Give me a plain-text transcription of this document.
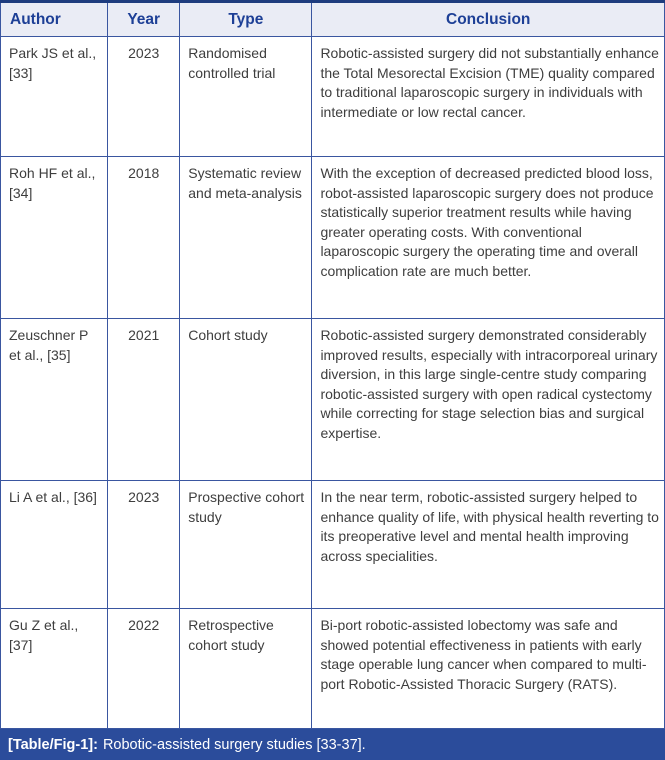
Author	Year	Type	Conclusion
Park JS et al., [33]	2023	Randomised controlled trial	Robotic-assisted surgery did not substantially enhance the Total Mesorectal Excision (TME) quality compared to traditional laparoscopic surgery in individuals with intermediate or low rectal cancer.
Roh HF et al., [34]	2018	Systematic review and meta-analysis	With the exception of decreased predicted blood loss, robot-assisted laparoscopic surgery does not produce statistically superior treatment results while having greater operating costs. With conventional laparoscopic surgery the operating time and overall complication rate are much better.
Zeuschner P et al., [35]	2021	Cohort study	Robotic-assisted surgery demonstrated considerably improved results, especially with intracorporeal urinary diversion, in this large single-centre study comparing robotic-assisted surgery with open radical cystectomy while correcting for stage selection bias and surgical expertise.
Li A et al., [36]	2023	Prospective cohort study	In the near term, robotic-assisted surgery helped to enhance quality of life, with physical health reverting to its preoperative level and mental health improving across specialities.
Gu Z et al., [37]	2022	Retrospective cohort study	Bi-port robotic-assisted lobectomy was safe and showed potential effectiveness in patients with early stage operable lung cancer when compared to multi-port Robotic-Assisted Thoracic Surgery (RATS).
[Table/Fig-1]: Robotic-assisted surgery studies [33-37].
